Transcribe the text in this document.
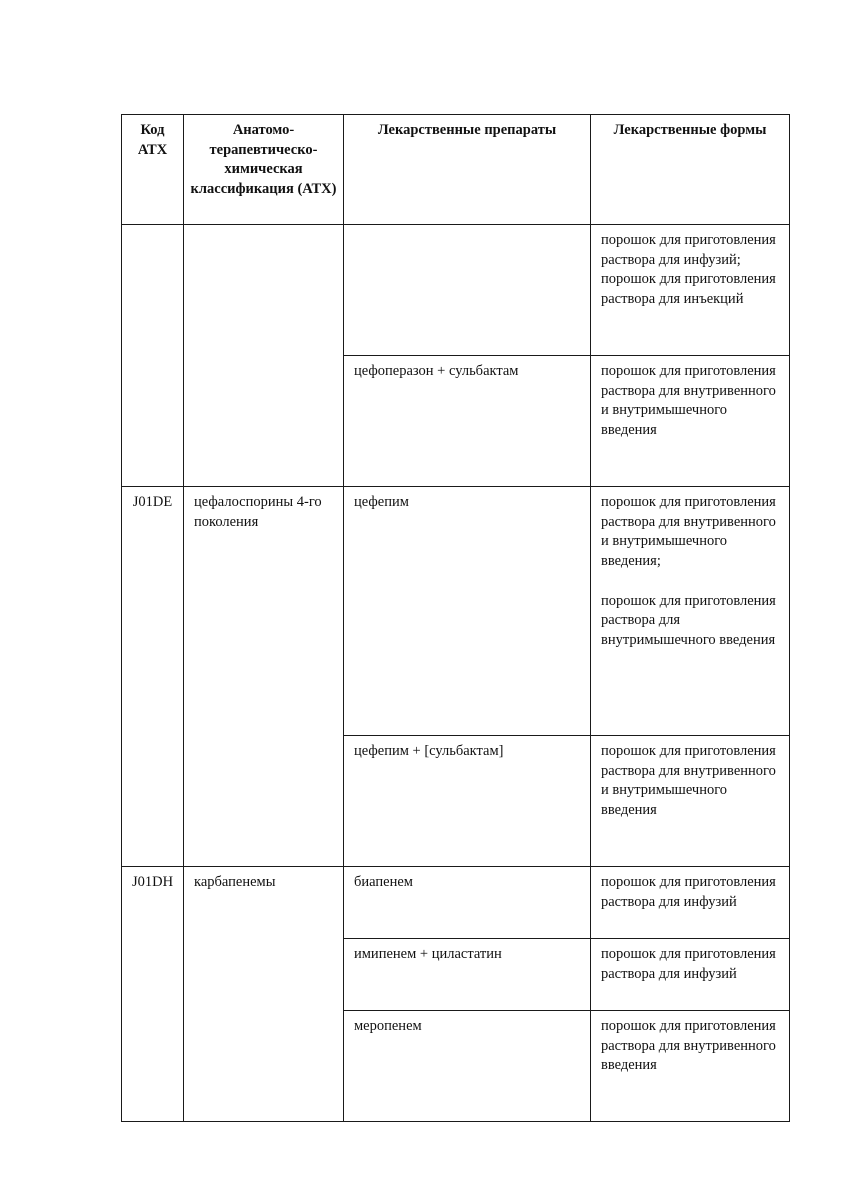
Код АТХ	Анатомо-терапевтическо-химическая классификация (АТХ)	Лекарственные препараты	Лекарственные формы

			порошок для приготовления раствора для инфузий; порошок для приготовления раствора для инъекций

		цефоперазон + сульбактам	порошок для приготовления раствора для внутривенного и внутримышечного введения

J01DE	цефалоспорины 4-го поколения	цефепим	порошок для приготовления раствора для внутривенного и внутримышечного введения;
порошок для приготовления раствора для внутримышечного введения

		цефепим + [сульбактам]	порошок для приготовления раствора для внутривенного и внутримышечного введения

J01DH	карбапенемы	биапенем	порошок для приготовления раствора для инфузий

		имипенем + циластатин	порошок для приготовления раствора для инфузий

		меропенем	порошок для приготовления раствора для внутривенного введения
